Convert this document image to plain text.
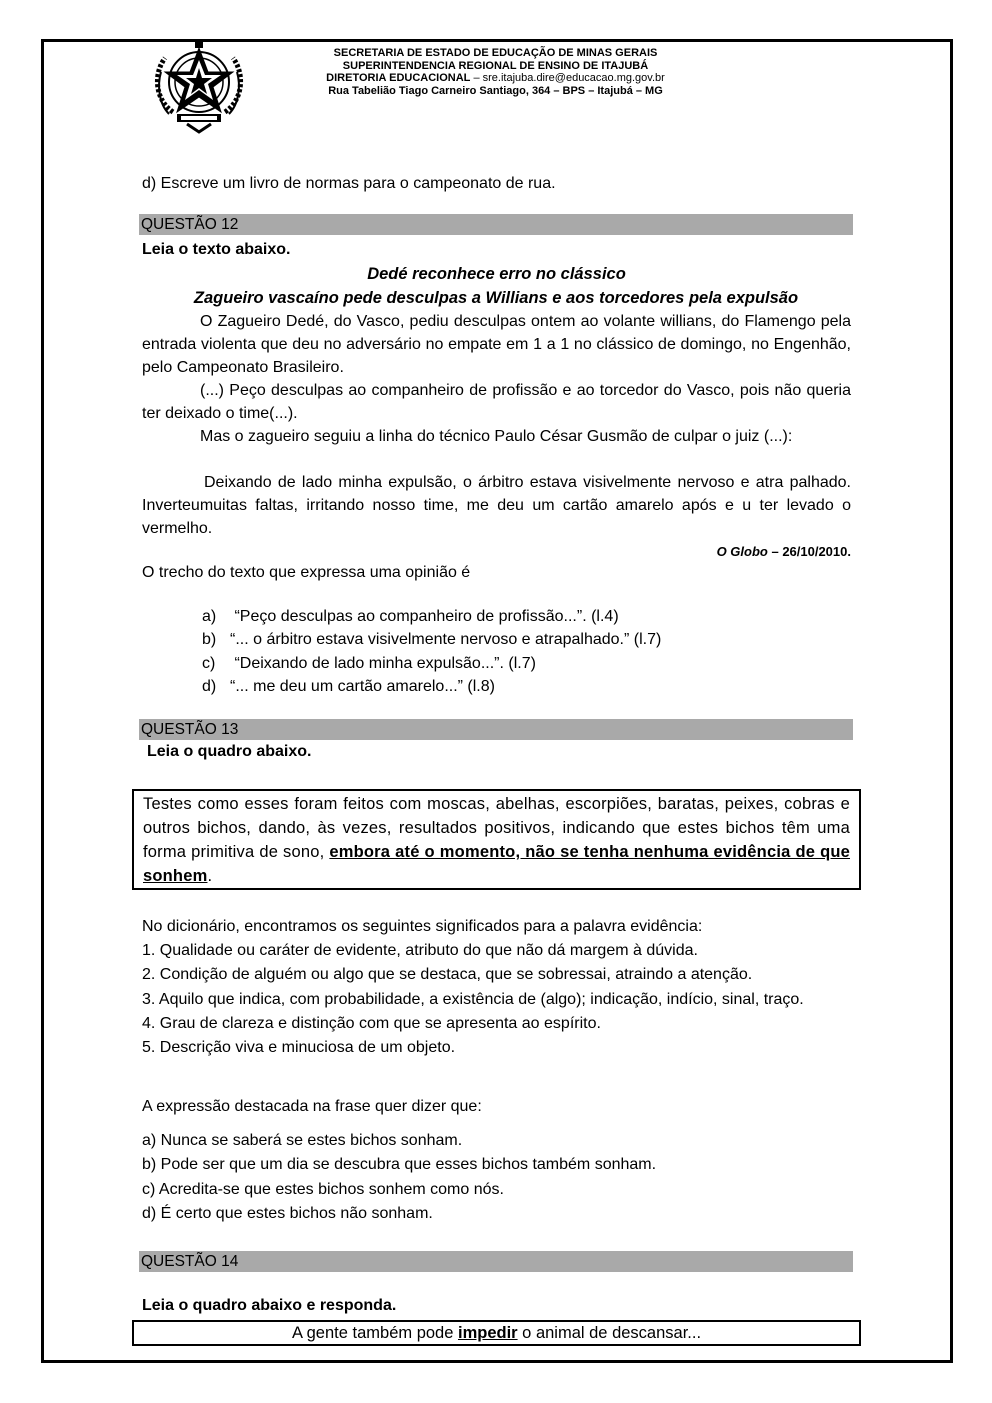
SECRETARIA DE ESTADO DE EDUCAÇÃO DE MINAS GERAIS
SUPERINTENDENCIA REGIONAL DE ENSINO DE ITAJUBÁ
DIRETORIA EDUCACIONAL – sre.itajuba.dire@educacao.mg.gov.br
Rua Tabelião Tiago Carneiro Santiago, 364 – BPS – Itajubá – MG
d) Escreve um livro de normas para o campeonato de rua.
QUESTÃO 12
Leia o texto abaixo.
Dedé reconhece erro no clássico
Zagueiro vascaíno pede desculpas a Willians e aos torcedores pela expulsão
O Zagueiro Dedé, do Vasco, pediu desculpas ontem ao volante willians, do Flamengo pela entrada violenta que deu no adversário no empate em 1 a 1 no clássico de domingo, no Engenhão, pelo Campeonato Brasileiro.
(...) Peço desculpas ao companheiro de profissão e ao torcedor do Vasco, pois não queria ter deixado o time(...).
Mas o zagueiro seguiu a linha do técnico Paulo César Gusmão de culpar o juiz (...):
Deixando de lado minha expulsão, o árbitro estava visivelmente nervoso e atra palhado. Inverteumuitas faltas, irritando nosso time, me deu um cartão amarelo após e u ter levado o vermelho.
O Globo – 26/10/2010.
O trecho do texto que expressa uma opinião é
a) “Peço desculpas ao companheiro de profissão...”. (l.4)
b) “... o árbitro estava visivelmente nervoso e atrapalhado.” (l.7)
c) “Deixando de lado minha expulsão...”. (l.7)
d) “... me deu um cartão amarelo...” (l.8)
QUESTÃO 13
Leia o quadro abaixo.
Testes como esses foram feitos com moscas, abelhas, escorpiões, baratas, peixes, cobras e outros bichos, dando, às vezes, resultados positivos, indicando que estes bichos têm uma forma primitiva de sono, embora até o momento, não se tenha nenhuma evidência de que sonhem.
No dicionário, encontramos os seguintes significados para a palavra evidência:
1. Qualidade ou caráter de evidente, atributo do que não dá margem à dúvida.
2. Condição de alguém ou algo que se destaca, que se sobressai, atraindo a atenção.
3. Aquilo que indica, com probabilidade, a existência de (algo); indicação, indício, sinal, traço.
4. Grau de clareza e distinção com que se apresenta ao espírito.
5. Descrição viva e minuciosa de um objeto.
A expressão destacada na frase quer dizer que:
a) Nunca se saberá se estes bichos sonham.
b) Pode ser que um dia se descubra que esses bichos também sonham.
c) Acredita-se que estes bichos sonhem como nós.
d) É certo que estes bichos não sonham.
QUESTÃO 14
Leia o quadro abaixo e responda.
A gente também pode impedir o animal de descansar...
